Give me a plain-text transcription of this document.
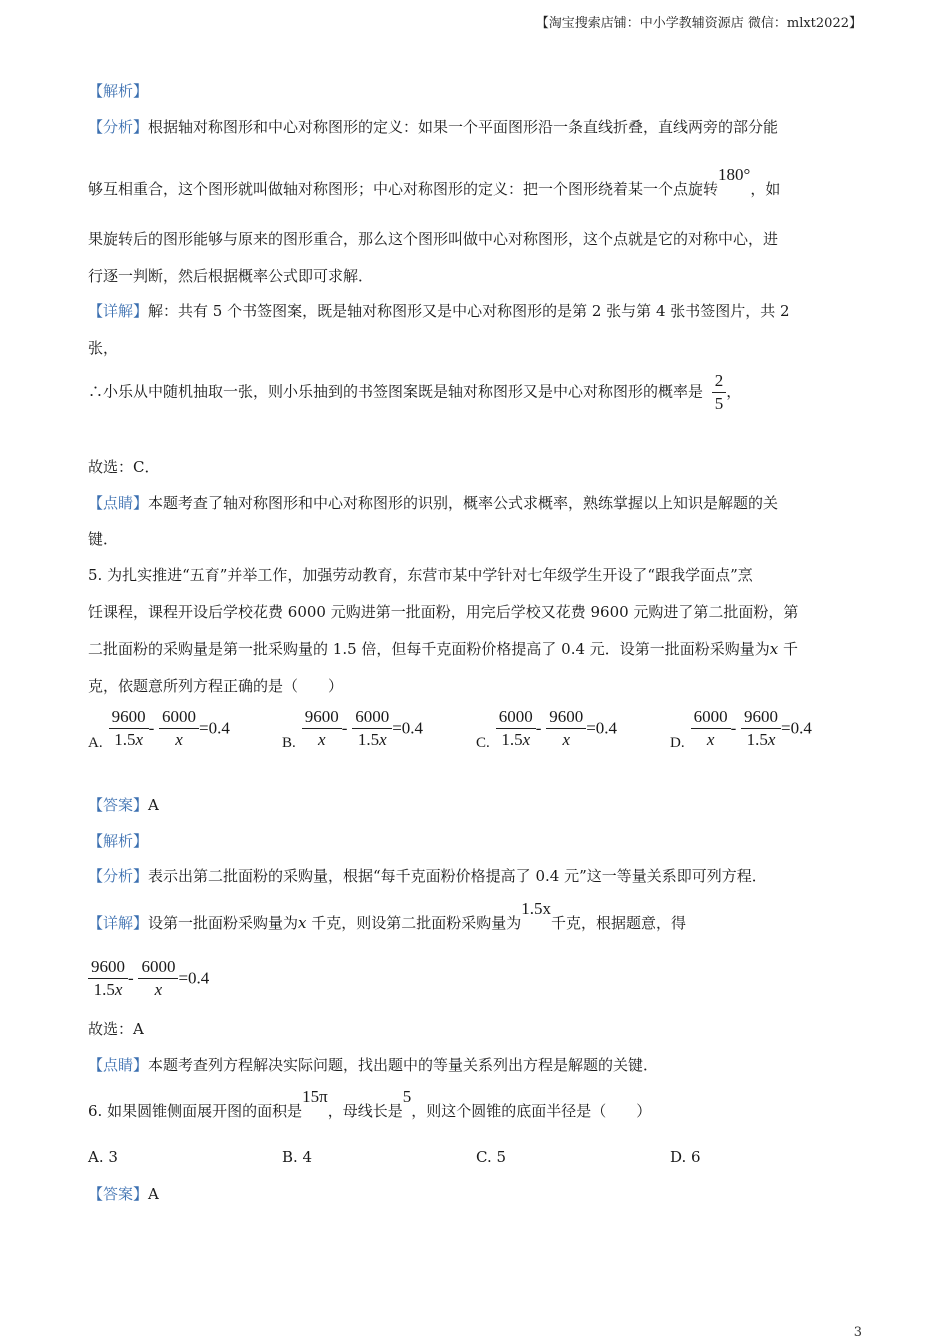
【淘宝搜索店铺：中小学教辅资源店 微信：mlxt2022】
【解析】
【分析】根据轴对称图形和中心对称图形的定义：如果一个平面图形沿一条直线折叠，直线两旁的部分能
够互相重合，这个图形就叫做轴对称图形；中心对称图形的定义：把一个图形绕着某一个点旋转180°，如
果旋转后的图形能够与原来的图形重合，那么这个图形叫做中心对称图形，这个点就是它的对称中心，进
行逐一判断，然后根据概率公式即可求解．
【详解】解：共有 5 个书签图案，既是轴对称图形又是中心对称图形的是第 2 张与第 4 张书签图片，共 2
张，
∴小乐从中随机抽取一张，则小乐抽到的书签图案既是轴对称图形又是中心对称图形的概率是 $\frac{2}{5}$ ，
故选：C．
【点睛】本题考查了轴对称图形和中心对称图形的识别，概率公式求概率，熟练掌握以上知识是解题的关
键．
5. 为扎实推进“五育”并举工作，加强劳动教育，东营市某中学针对七年级学生开设了“跟我学面点”烹
饪课程，课程开设后学校花费 6000 元购进第一批面粉，用完后学校又花费 9600 元购进了第二批面粉，第
二批面粉的采购量是第一批采购量的 1.5 倍，但每千克面粉价格提高了 0.4 元．设第一批面粉采购量为x 千
克，依题意所列方程正确的是（　　）
A. $\frac{9600}{1.5x} - \frac{6000}{x} =0.4$
B. $\frac{9600}{x} - \frac{6000}{1.5x} =0.4$
C. $\frac{6000}{1.5x} - \frac{9600}{x} =0.4$
D. $\frac{6000}{x} - \frac{9600}{1.5x} =0.4$
【答案】A
【解析】
【分析】表示出第二批面粉的采购量，根据“每千克面粉价格提高了 0.4 元”这一等量关系即可列方程．
【详解】设第一批面粉采购量为x 千克，则设第二批面粉采购量为1.5x千克，根据题意，得
$\frac{9600}{1.5x} - \frac{6000}{x} =0.4$
故选：A
【点睛】本题考查列方程解决实际问题，找出题中的等量关系列出方程是解题的关键．
6. 如果圆锥侧面展开图的面积是15π，母线长是5，则这个圆锥的底面半径是（　　）
A. 3	B. 4	C. 5	D. 6
【答案】A
3
